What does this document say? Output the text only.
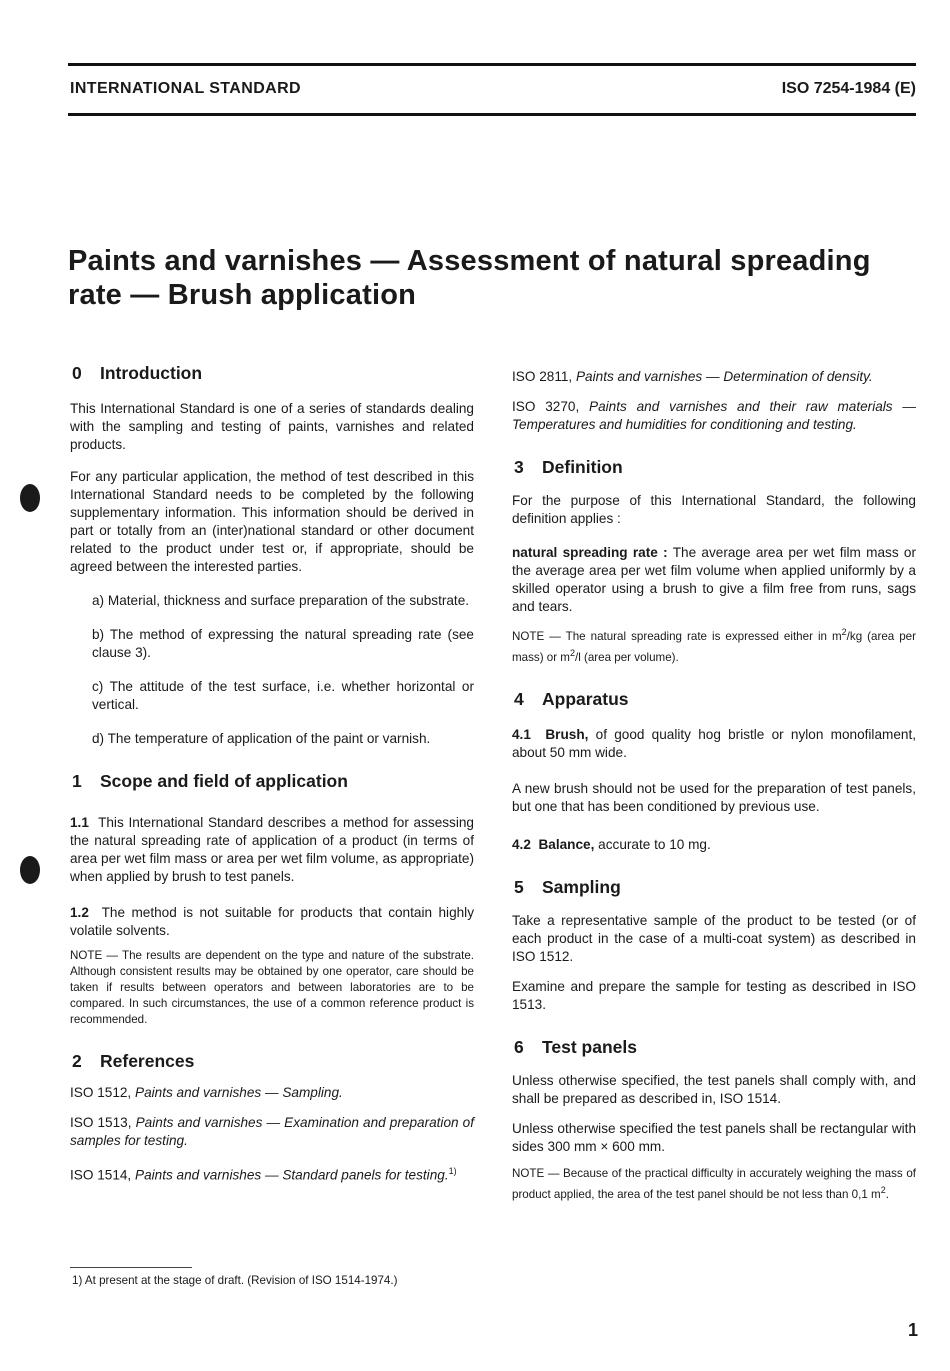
INTERNATIONAL STANDARD	ISO 7254-1984 (E)
Paints and varnishes — Assessment of natural spreading
rate — Brush application
0 Introduction

This International Standard is one of a series of standards dealing with the sampling and testing of paints, varnishes and related products.

For any particular application, the method of test described in this International Standard needs to be completed by the following supplementary information. This information should be derived in part or totally from an (inter)national standard or other document related to the product under test or, if appropriate, should be agreed between the interested parties.

a) Material, thickness and surface preparation of the substrate.
b) The method of expressing the natural spreading rate (see clause 3).
c) The attitude of the test surface, i.e. whether horizontal or vertical.
d) The temperature of application of the paint or varnish.
1 Scope and field of application

1.1 This International Standard describes a method for assessing the natural spreading rate of application of a product (in terms of area per wet film mass or area per wet film volume, as appropriate) when applied by brush to test panels.

1.2 The method is not suitable for products that contain highly volatile solvents.

NOTE — The results are dependent on the type and nature of the substrate. Although consistent results may be obtained by one operator, care should be taken if results between operators and between laboratories are to be compared. In such circumstances, the use of a common reference product is recommended.
2 References

ISO 1512, Paints and varnishes — Sampling.

ISO 1513, Paints and varnishes — Examination and preparation of samples for testing.

ISO 1514, Paints and varnishes — Standard panels for testing.$^{1)}$

ISO 2811, Paints and varnishes — Determination of density.

ISO 3270, Paints and varnishes and their raw materials — Temperatures and humidities for conditioning and testing.

3 Definition

For the purpose of this International Standard, the following definition applies :

natural spreading rate : The average area per wet film mass or the average area per wet film volume when applied uniformly by a skilled operator using a brush to give a film free from runs, sags and tears.

NOTE — The natural spreading rate is expressed either in $m^2/kg$ (area per mass) or $m^2/l$ (area per volume).
4 Apparatus

4.1 Brush, of good quality hog bristle or nylon monofilament, about 50 mm wide.

A new brush should not be used for the preparation of test panels, but one that has been conditioned by previous use.

4.2 Balance, accurate to 10 mg.

5 Sampling

Take a representative sample of the product to be tested (or of each product in the case of a multi-coat system) as described in ISO 1512.

Examine and prepare the sample for testing as described in ISO 1513.

6 Test panels

Unless otherwise specified, the test panels shall comply with, and shall be prepared as described in, ISO 1514.

Unless otherwise specified the test panels shall be rectangular with sides 300 mm × 600 mm.

NOTE — Because of the practical difficulty in accurately weighing the mass of product applied, the area of the test panel should be not less than 0,1 $m^2$.
1) At present at the stage of draft. (Revision of ISO 1514-1974.)
1
